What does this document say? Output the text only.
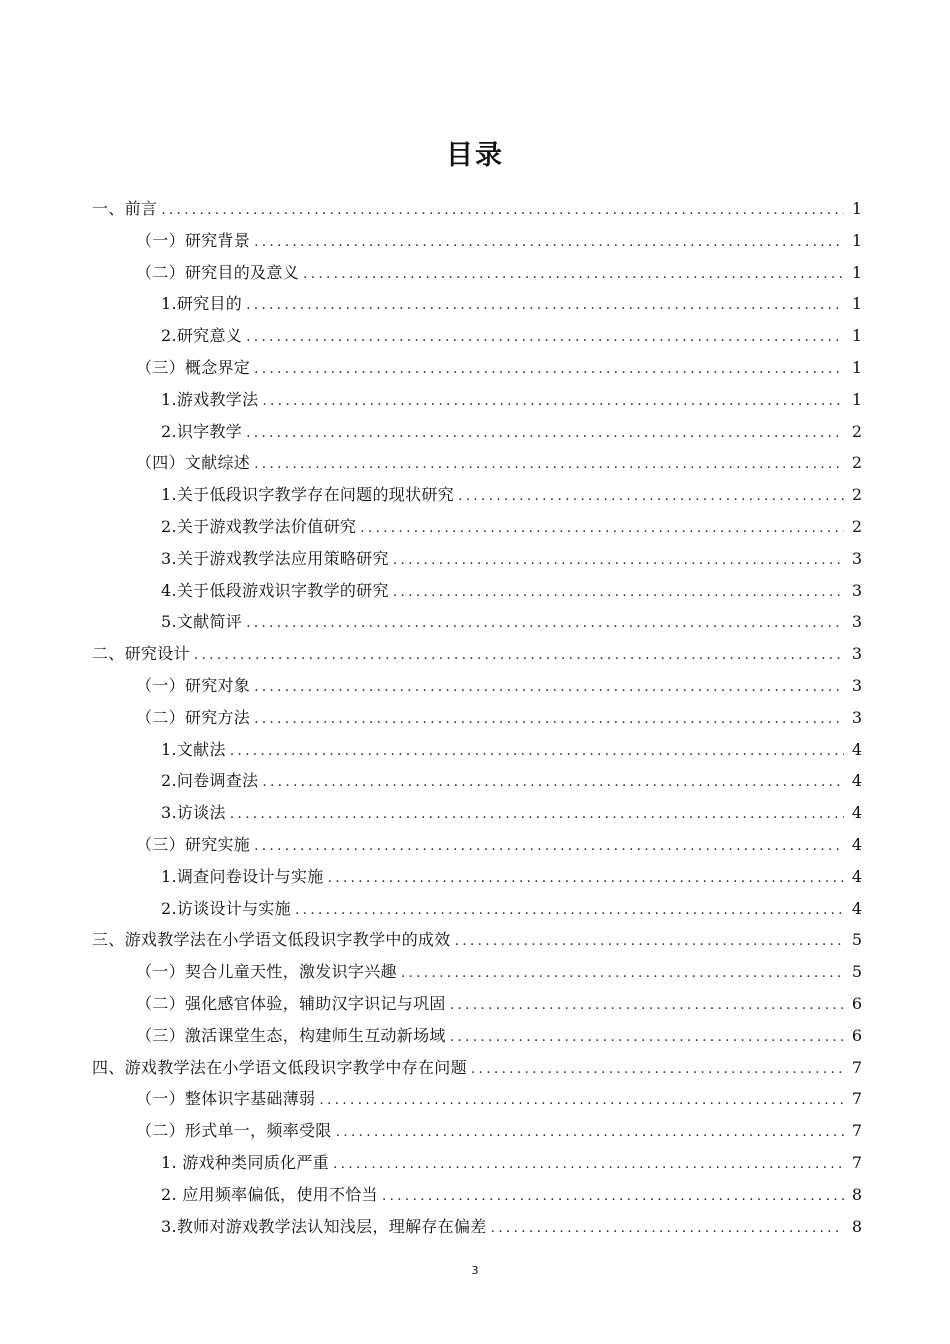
目录
一、前言 .....	1
（一）研究背景 .....	1
（二）研究目的及意义 .....	1
1.研究目的 .....	1
2.研究意义 .....	1
（三）概念界定 .....	1
1.游戏教学法 .....	1
2.识字教学 .....	2
（四）文献综述 .....	2
1.关于低段识字教学存在问题的现状研究 .....	2
2.关于游戏教学法价值研究 .....	2
3.关于游戏教学法应用策略研究 .....	3
4.关于低段游戏识字教学的研究 .....	3
5.文献简评 .....	3
二、研究设计 .....	3
（一）研究对象 .....	3
（二）研究方法 .....	3
1.文献法 .....	4
2.问卷调查法 .....	4
3.访谈法 .....	4
（三）研究实施 .....	4
1.调查问卷设计与实施 .....	4
2.访谈设计与实施 .....	4
三、游戏教学法在小学语文低段识字教学中的成效 .....	5
（一）契合儿童天性，激发识字兴趣 .....	5
（二）强化感官体验，辅助汉字识记与巩固 .....	6
（三）激活课堂生态，构建师生互动新场域 .....	6
四、游戏教学法在小学语文低段识字教学中存在问题 .....	7
（一）整体识字基础薄弱 .....	7
（二）形式单一，频率受限 .....	7
1. 游戏种类同质化严重 .....	7
2. 应用频率偏低，使用不恰当 .....	8
3.教师对游戏教学法认知浅层，理解存在偏差 .....	8
3
